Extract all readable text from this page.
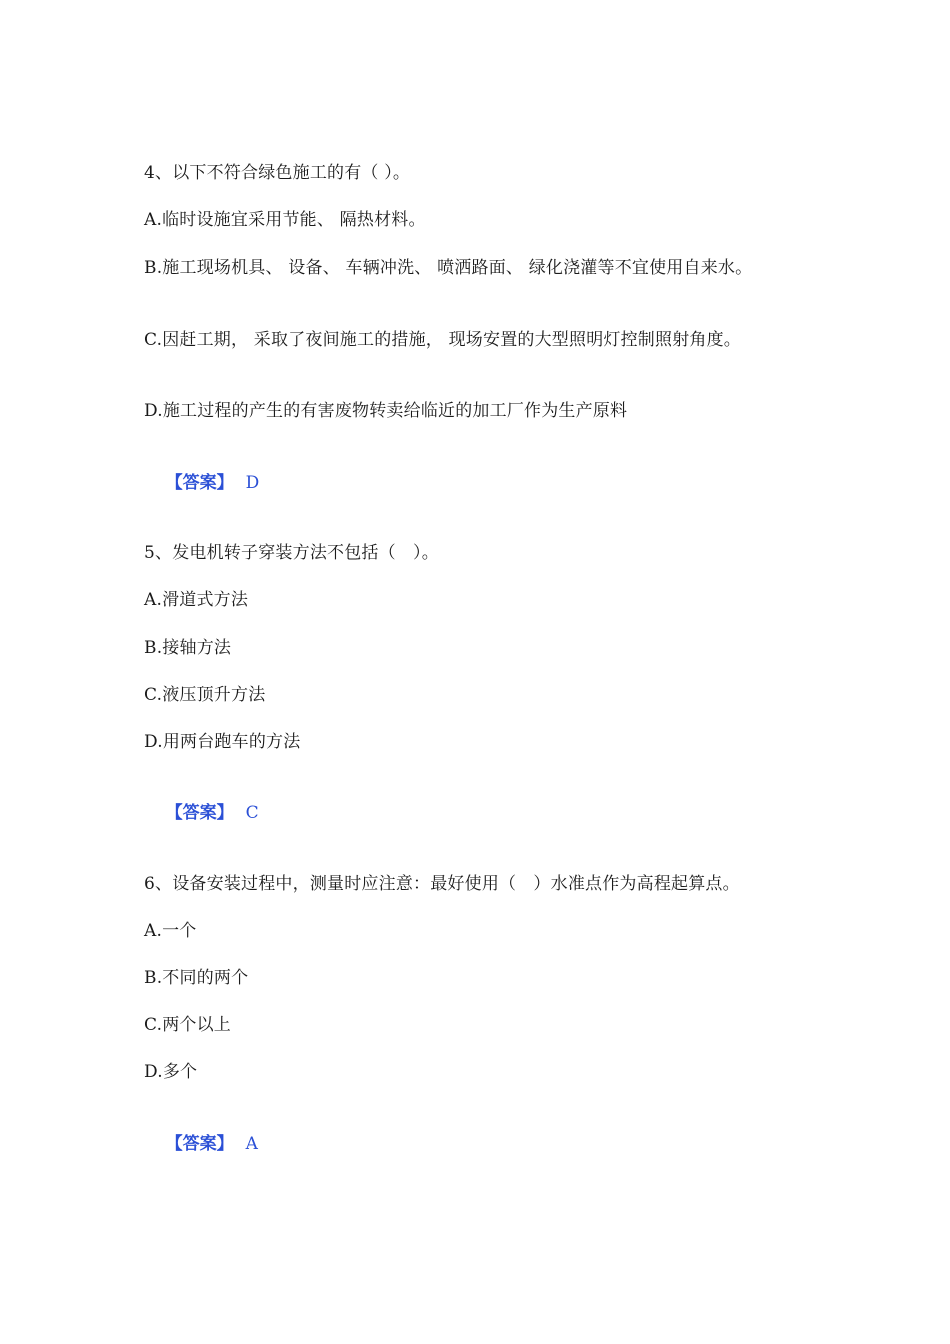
4、以下不符合绿色施工的有（ ）。
A.临时设施宜采用节能、 隔热材料。
B.施工现场机具、 设备、 车辆冲洗、 喷洒路面、 绿化浇灌等不宜使用自来水。
C.因赶工期， 采取了夜间施工的措施， 现场安置的大型照明灯控制照射角度。
D.施工过程的产生的有害废物转卖给临近的加工厂作为生产原料

【答案】 D

5、发电机转子穿装方法不包括（　）。
A.滑道式方法
B.接轴方法
C.液压顶升方法
D.用两台跑车的方法

【答案】 C

6、设备安装过程中，测量时应注意：最好使用（　）水准点作为高程起算点。
A.一个
B.不同的两个
C.两个以上
D.多个

【答案】 A
